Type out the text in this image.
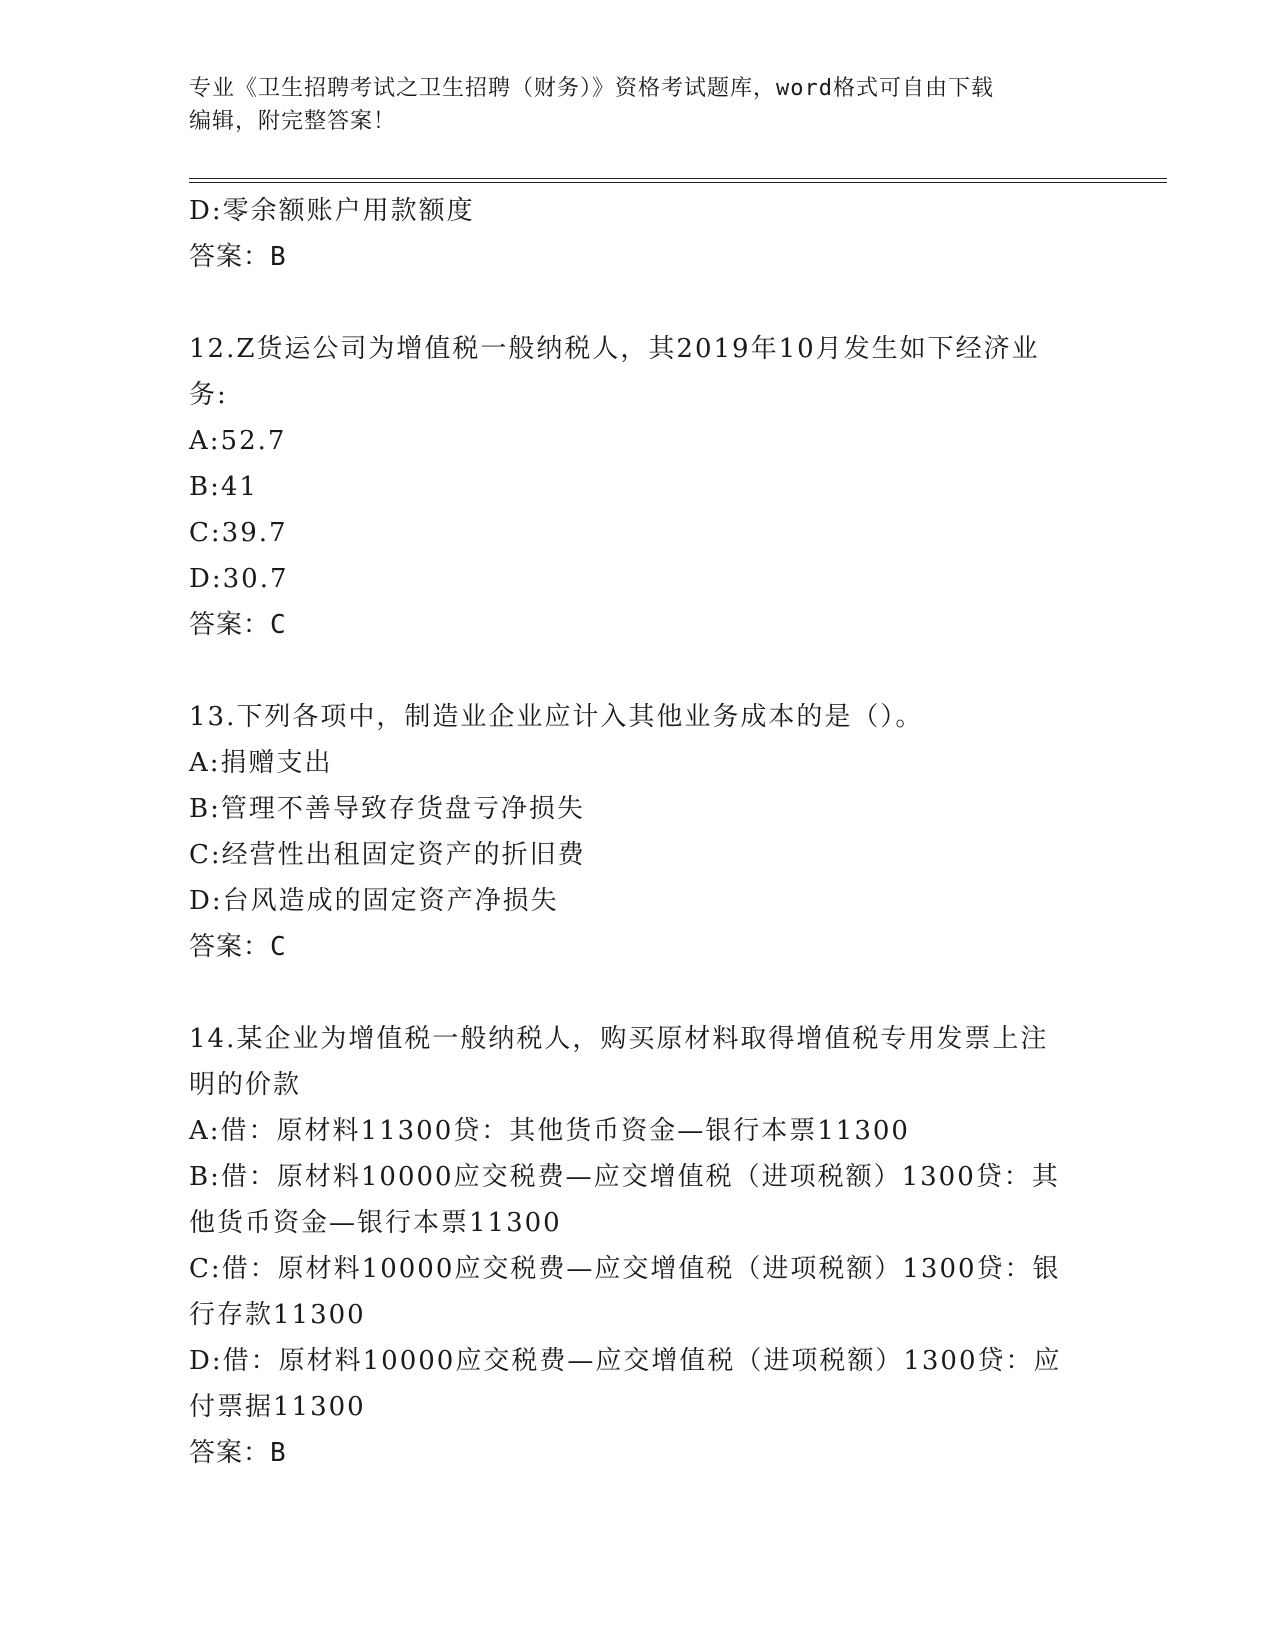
专业《卫生招聘考试之卫生招聘（财务）》资格考试题库，word格式可自由下载
编辑，附完整答案！
D:零余额账户用款额度
答案：B
12.Z货运公司为增值税一般纳税人，其2019年10月发生如下经济业
务:
A:52.7
B:41
C:39.7
D:30.7
答案：C
13.下列各项中，制造业企业应计入其他业务成本的是（）。
A:捐赠支出
B:管理不善导致存货盘亏净损失
C:经营性出租固定资产的折旧费
D:台风造成的固定资产净损失
答案：C
14.某企业为增值税一般纳税人，购买原材料取得增值税专用发票上注
明的价款
A:借：原材料11300贷：其他货币资金—银行本票11300
B:借：原材料10000应交税费—应交增值税（进项税额）1300贷：其
他货币资金—银行本票11300
C:借：原材料10000应交税费—应交增值税（进项税额）1300贷：银
行存款11300
D:借：原材料10000应交税费—应交增值税（进项税额）1300贷：应
付票据11300
答案：B
